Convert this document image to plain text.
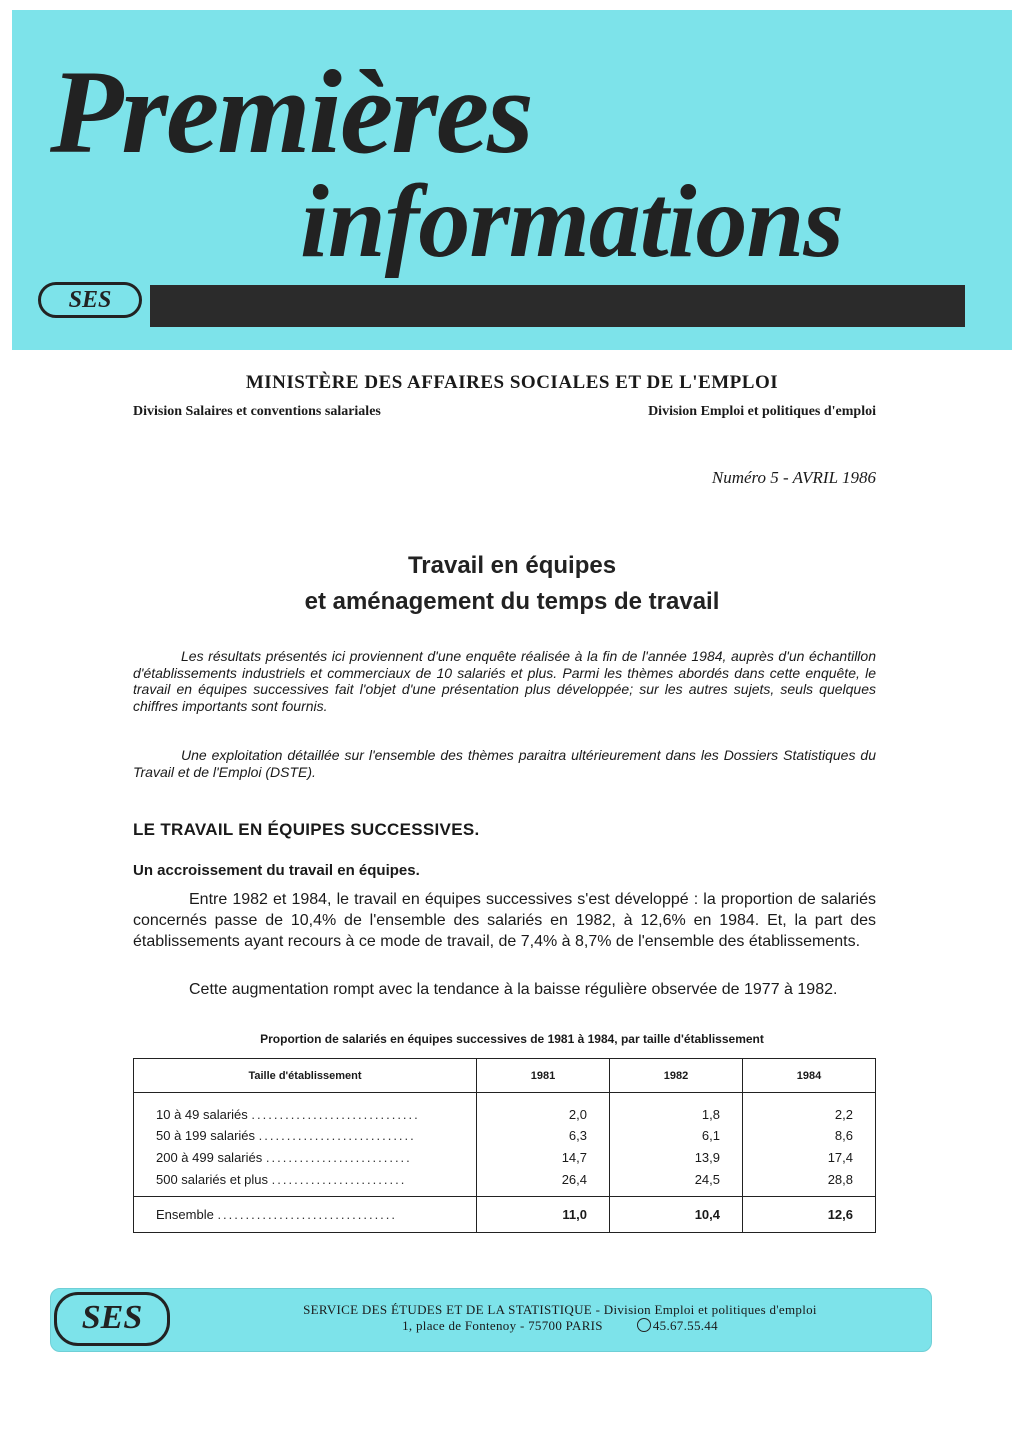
Premières
informations
SES
MINISTÈRE DES AFFAIRES SOCIALES ET DE L'EMPLOI
Division Salaires et conventions salariales	Division Emploi et politiques d'emploi
Numéro 5 - AVRIL 1986
Travail en équipes
et aménagement du temps de travail

Les résultats présentés ici proviennent d'une enquête réalisée à la fin de l'année 1984, auprès d'un échantillon d'établissements industriels et commerciaux de 10 salariés et plus. Parmi les thèmes abordés dans cette enquête, le travail en équipes successives fait l'objet d'une présentation plus développée; sur les autres sujets, seuls quelques chiffres importants sont fournis.

Une exploitation détaillée sur l'ensemble des thèmes paraitra ultérieurement dans les Dossiers Statistiques du Travail et de l'Emploi (DSTE).

LE TRAVAIL EN ÉQUIPES SUCCESSIVES.
Un accroissement du travail en équipes.

Entre 1982 et 1984, le travail en équipes successives s'est développé : la proportion de salariés concernés passe de 10,4% de l'ensemble des salariés en 1982, à 12,6% en 1984. Et, la part des établissements ayant recours à ce mode de travail, de 7,4% à 8,7% de l'ensemble des établissements.

Cette augmentation rompt avec la tendance à la baisse régulière observée de 1977 à 1982.

Proportion de salariés en équipes successives de 1981 à 1984, par taille d'établissement
Taille d'établissement	1981	1982	1984
10 à 49 salariés ..............................	2,0	1,8	2,2
50 à 199 salariés ............................	6,3	6,1	8,6
200 à 499 salariés ..........................	14,7	13,9	17,4
500 salariés et plus ........................	26,4	24,5	28,8
Ensemble ................................	11,0	10,4	12,6
SES	SERVICE DES ÉTUDES ET DE LA STATISTIQUE - Division Emploi et politiques d'emploi
1, place de Fontenoy - 75700 PARIS	45.67.55.44
